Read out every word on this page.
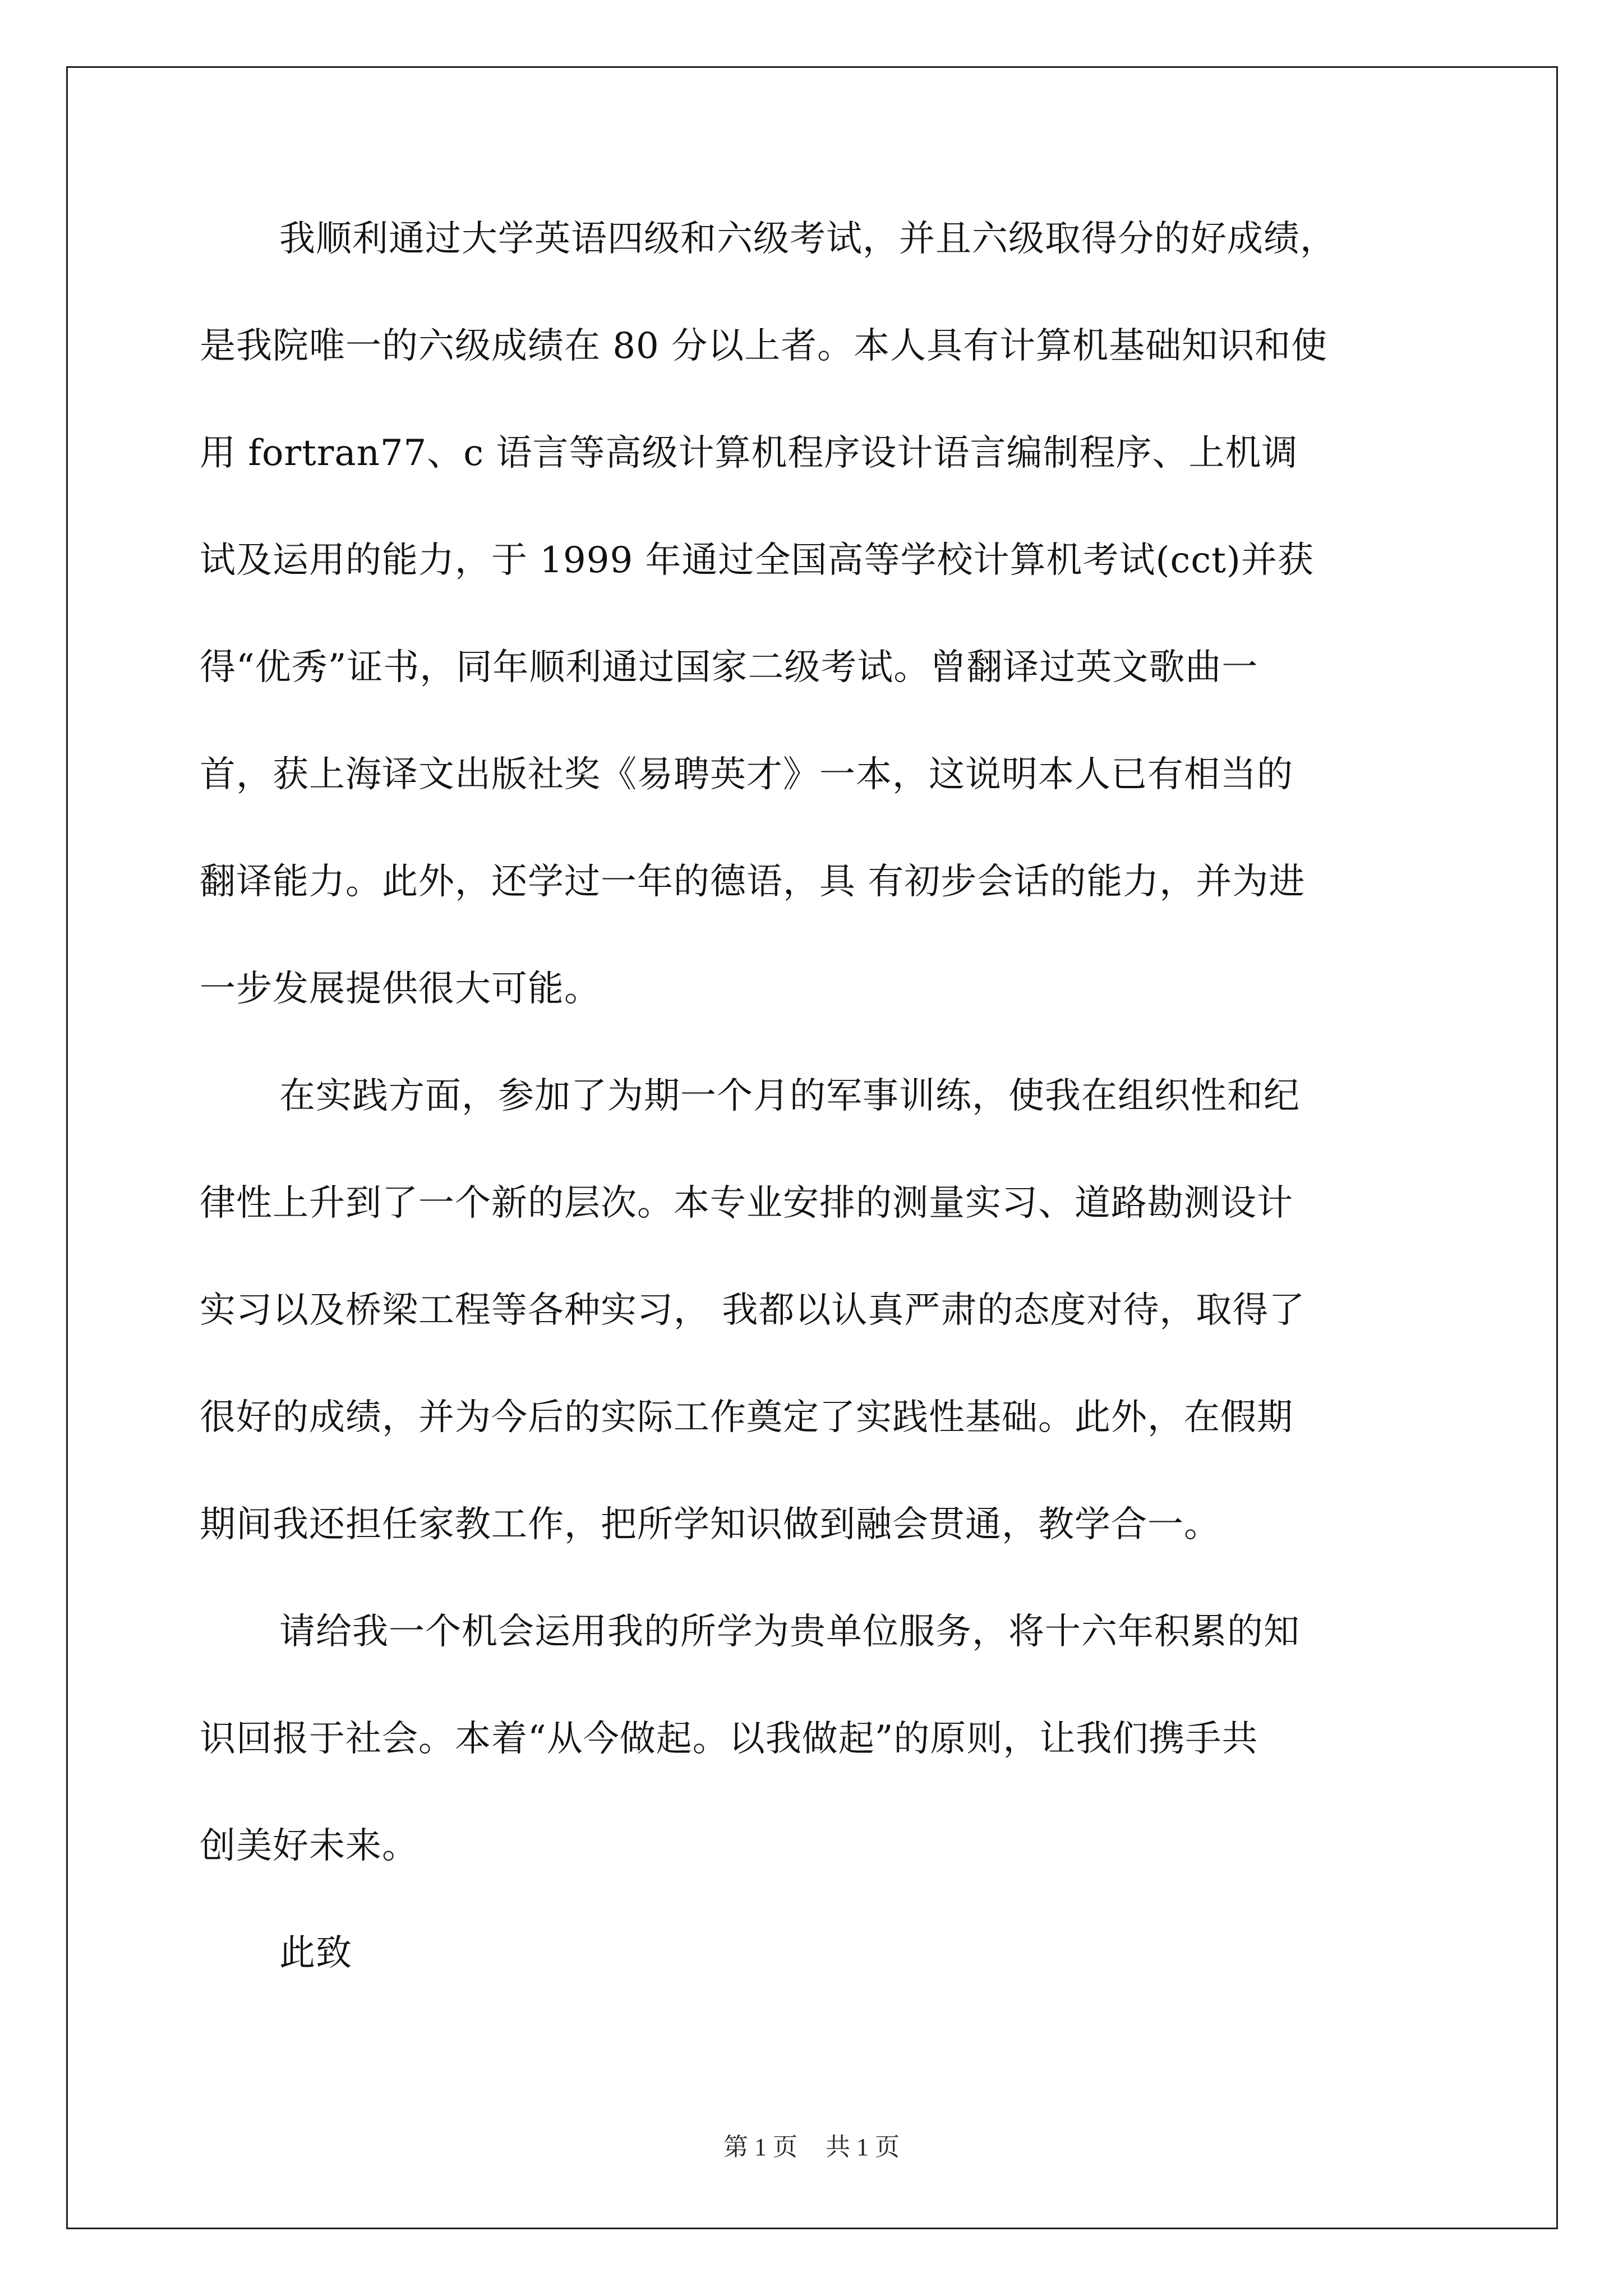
我顺利通过大学英语四级和六级考试，并且六级取得分的好成绩，
是我院唯一的六级成绩在 80 分以上者。本人具有计算机基础知识和使
用 fortran77、c 语言等高级计算机程序设计语言编制程序、上机调
试及运用的能力，于 1999 年通过全国高等学校计算机考试(cct)并获
得“优秀”证书，同年顺利通过国家二级考试。曾翻译过英文歌曲一
首，获上海译文出版社奖《易聘英才》一本，这说明本人已有相当的
翻译能力。此外，还学过一年的德语，具 有初步会话的能力，并为进
一步发展提供很大可能。
在实践方面，参加了为期一个月的军事训练，使我在组织性和纪
律性上升到了一个新的层次。本专业安排的测量实习、道路勘测设计
实习以及桥梁工程等各种实习， 我都以认真严肃的态度对待，取得了
很好的成绩，并为今后的实际工作奠定了实践性基础。此外，在假期
期间我还担任家教工作，把所学知识做到融会贯通，教学合一。
请给我一个机会运用我的所学为贵单位服务，将十六年积累的知
识回报于社会。本着“从今做起。以我做起”的原则，让我们携手共
创美好未来。
此致
第 1 页 共 1 页
